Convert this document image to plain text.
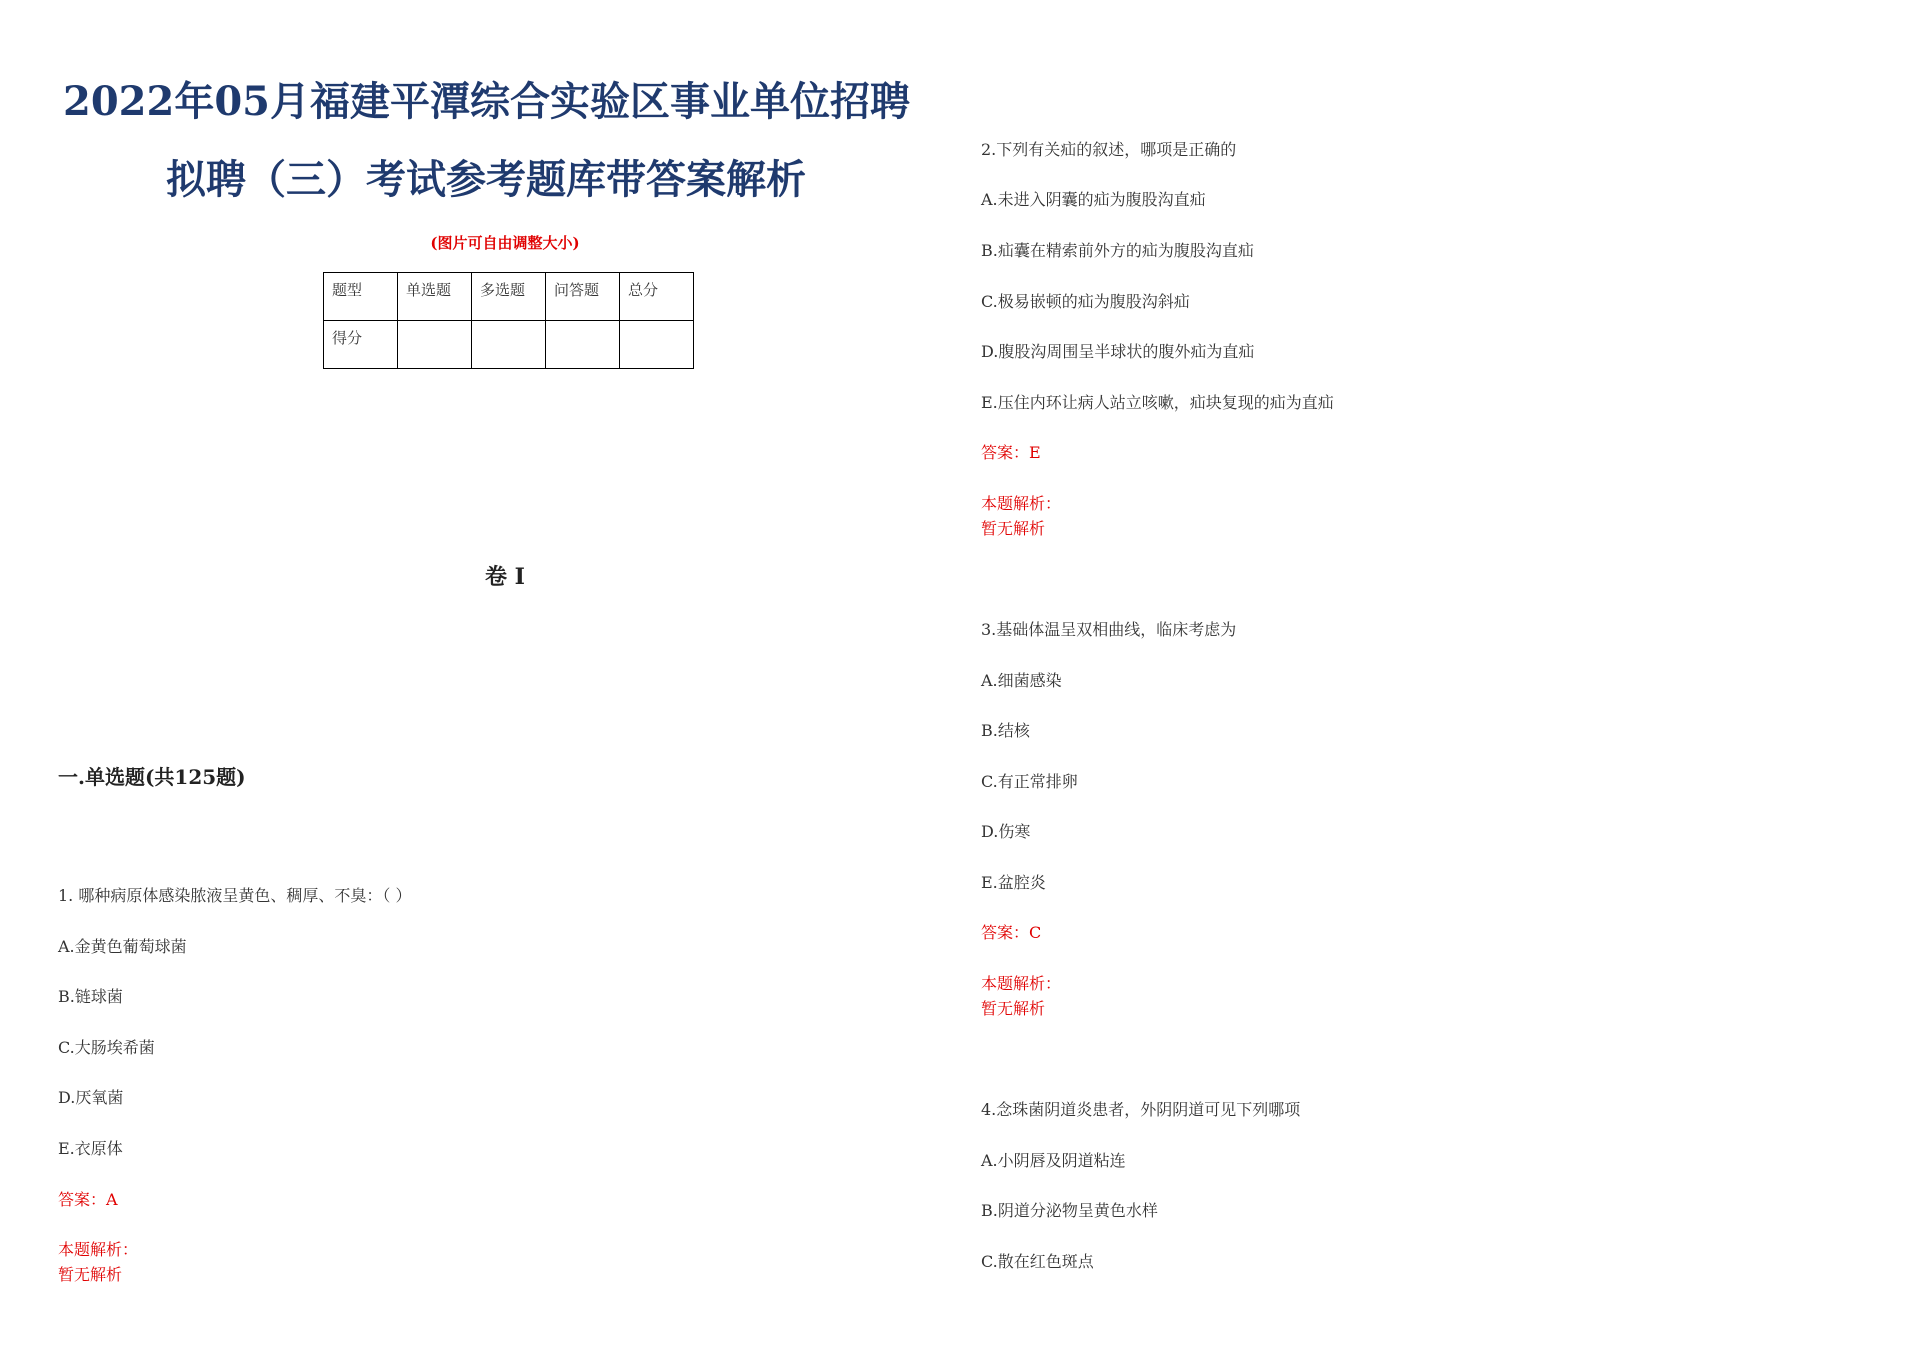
2022年05月福建平潭综合实验区事业单位招聘
拟聘（三）考试参考题库带答案解析
(图片可自由调整大小)
题型	单选题	多选题	问答题	总分
得分				
卷 I
一.单选题(共125题)
1. 哪种病原体感染脓液呈黄色、稠厚、不臭：（ ）
A.金黄色葡萄球菌
B.链球菌
C.大肠埃希菌
D.厌氧菌
E.衣原体
答案：A
本题解析：
暂无解析
2.下列有关疝的叙述，哪项是正确的
A.未进入阴囊的疝为腹股沟直疝
B.疝囊在精索前外方的疝为腹股沟直疝
C.极易嵌顿的疝为腹股沟斜疝
D.腹股沟周围呈半球状的腹外疝为直疝
E.压住内环让病人站立咳嗽，疝块复现的疝为直疝
答案：E
本题解析：
暂无解析
3.基础体温呈双相曲线，临床考虑为
A.细菌感染
B.结核
C.有正常排卵
D.伤寒
E.盆腔炎
答案：C
本题解析：
暂无解析
4.念珠菌阴道炎患者，外阴阴道可见下列哪项
A.小阴唇及阴道粘连
B.阴道分泌物呈黄色水样
C.散在红色斑点
